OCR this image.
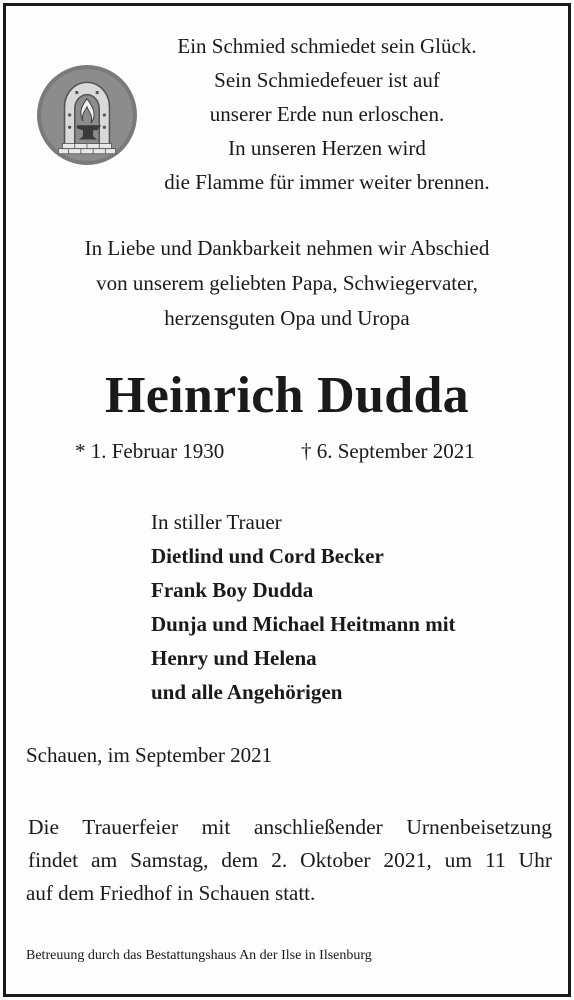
Ein Schmied schmiedet sein Glück.
Sein Schmiedefeuer ist auf
unserer Erde nun erloschen.
In unseren Herzen wird
die Flamme für immer weiter brennen.
In Liebe und Dankbarkeit nehmen wir Abschied
von unserem geliebten Papa, Schwiegervater,
herzensguten Opa und Uropa
Heinrich Dudda
* 1. Februar 1930	† 6. September 2021
In stiller Trauer
Dietlind und Cord Becker
Frank Boy Dudda
Dunja und Michael Heitmann mit
Henry und Helena
und alle Angehörigen
Schauen, im September 2021
Die Trauerfeier mit anschließender Urnenbeisetzung
findet am Samstag, dem 2. Oktober 2021, um 11 Uhr
auf dem Friedhof in Schauen statt.
Betreuung durch das Bestattungshaus An der Ilse in Ilsenburg
